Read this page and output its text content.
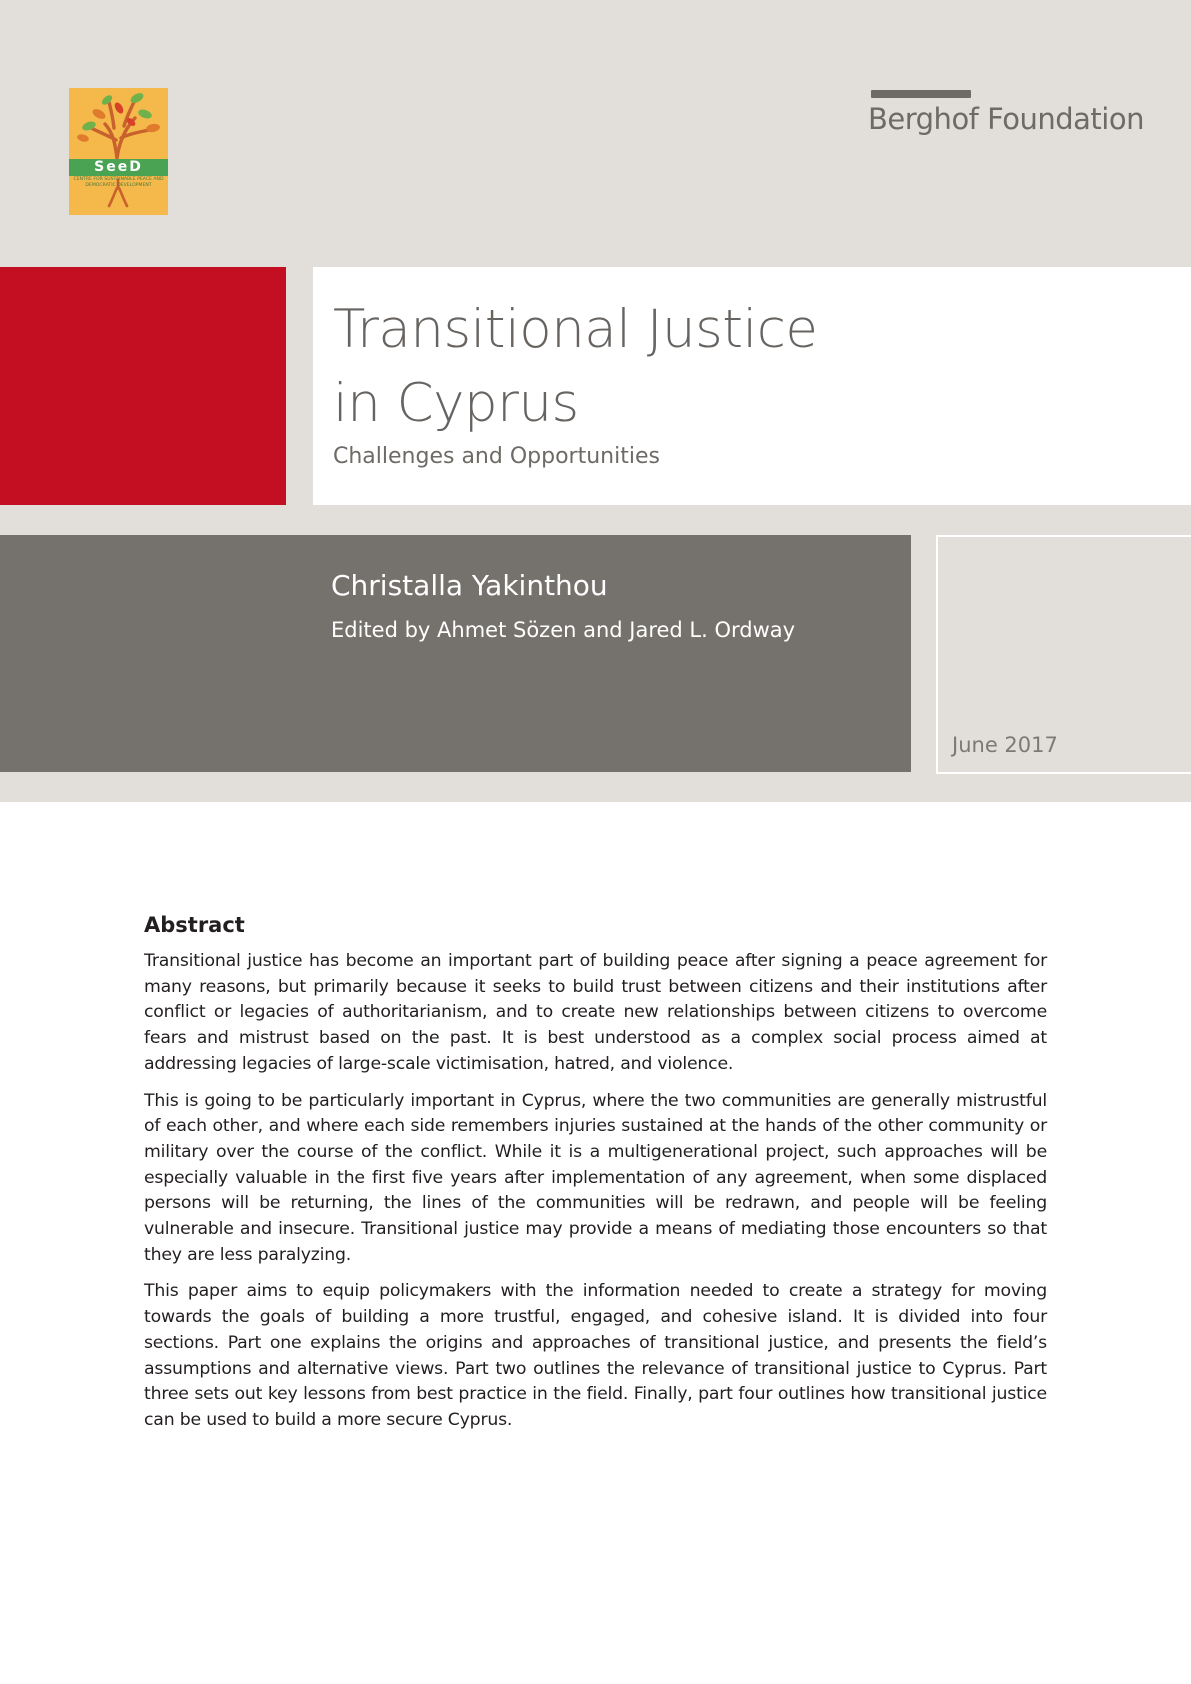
SeeD
CENTRE FOR SUSTAINABLE PEACE AND DEMOCRATIC DEVELOPMENT
Berghof Foundation
Transitional Justice
in Cyprus
Challenges and Opportunities
Christalla Yakinthou
Edited by Ahmet Sözen and Jared L. Ordway
June 2017
Abstract

Transitional justice has become an important part of building peace after signing a peace agreement for many reasons, but primarily because it seeks to build trust between citizens and their institutions after conflict or legacies of authoritarianism, and to create new relationships between citizens to overcome fears and mistrust based on the past. It is best understood as a complex social process aimed at addressing legacies of large-scale victimisation, hatred, and violence.

This is going to be particularly important in Cyprus, where the two communities are generally mistrustful of each other, and where each side remembers injuries sustained at the hands of the other community or military over the course of the conflict. While it is a multigenerational project, such approaches will be especially valuable in the first five years after implementation of any agreement, when some displaced persons will be returning, the lines of the communities will be redrawn, and people will be feeling vulnerable and insecure. Transitional justice may provide a means of mediating those encounters so that they are less paralyzing.

This paper aims to equip policymakers with the information needed to create a strategy for moving towards the goals of building a more trustful, engaged, and cohesive island. It is divided into four sections. Part one explains the origins and approaches of transitional justice, and presents the field’s assumptions and alternative views. Part two outlines the relevance of transitional justice to Cyprus. Part three sets out key lessons from best practice in the field. Finally, part four outlines how transitional justice can be used to build a more secure Cyprus.
